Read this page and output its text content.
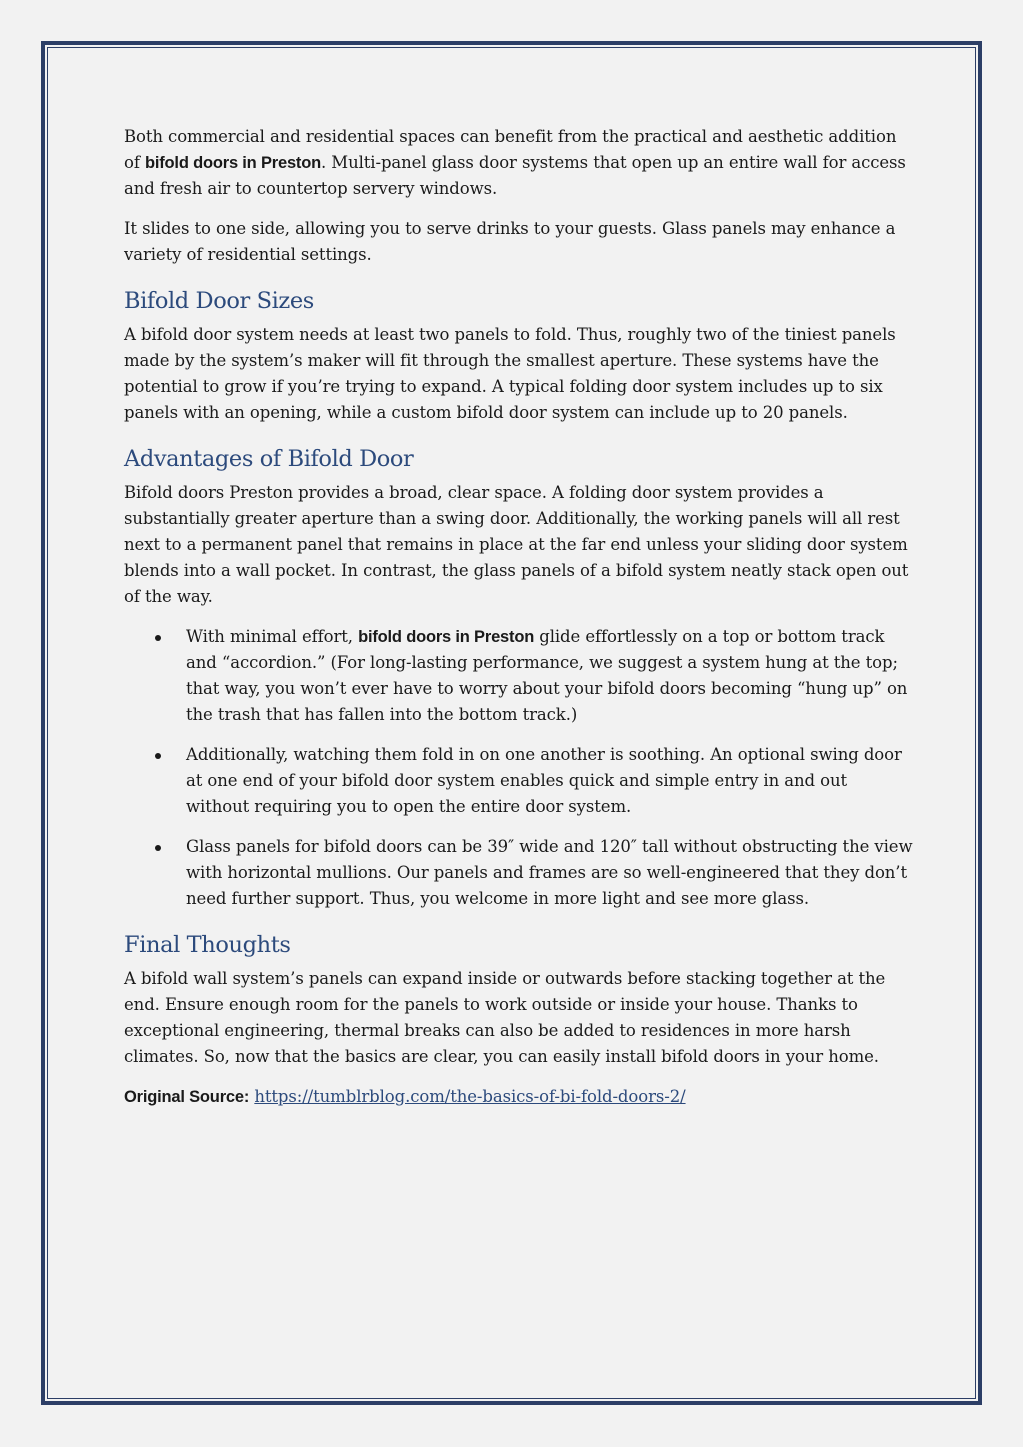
Both commercial and residential spaces can benefit from the practical and aesthetic addition of bifold doors in Preston. Multi-panel glass door systems that open up an entire wall for access and fresh air to countertop servery windows.

It slides to one side, allowing you to serve drinks to your guests. Glass panels may enhance a variety of residential settings.

Bifold Door Sizes

A bifold door system needs at least two panels to fold. Thus, roughly two of the tiniest panels made by the system’s maker will fit through the smallest aperture. These systems have the potential to grow if you’re trying to expand. A typical folding door system includes up to six panels with an opening, while a custom bifold door system can include up to 20 panels.

Advantages of Bifold Door

Bifold doors Preston provides a broad, clear space. A folding door system provides a substantially greater aperture than a swing door. Additionally, the working panels will all rest next to a permanent panel that remains in place at the far end unless your sliding door system blends into a wall pocket. In contrast, the glass panels of a bifold system neatly stack open out of the way.

With minimal effort, bifold doors in Preston glide effortlessly on a top or bottom track and “accordion.” (For long-lasting performance, we suggest a system hung at the top; that way, you won’t ever have to worry about your bifold doors becoming “hung up” on the trash that has fallen into the bottom track.)
Additionally, watching them fold in on one another is soothing. An optional swing door at one end of your bifold door system enables quick and simple entry in and out without requiring you to open the entire door system.
Glass panels for bifold doors can be 39″ wide and 120″ tall without obstructing the view with horizontal mullions. Our panels and frames are so well-engineered that they don’t need further support. Thus, you welcome in more light and see more glass.
Final Thoughts

A bifold wall system’s panels can expand inside or outwards before stacking together at the end. Ensure enough room for the panels to work outside or inside your house. Thanks to exceptional engineering, thermal breaks can also be added to residences in more harsh climates. So, now that the basics are clear, you can easily install bifold doors in your home.

Original Source: https://tumblrblog.com/the-basics-of-bi-fold-doors-2/
